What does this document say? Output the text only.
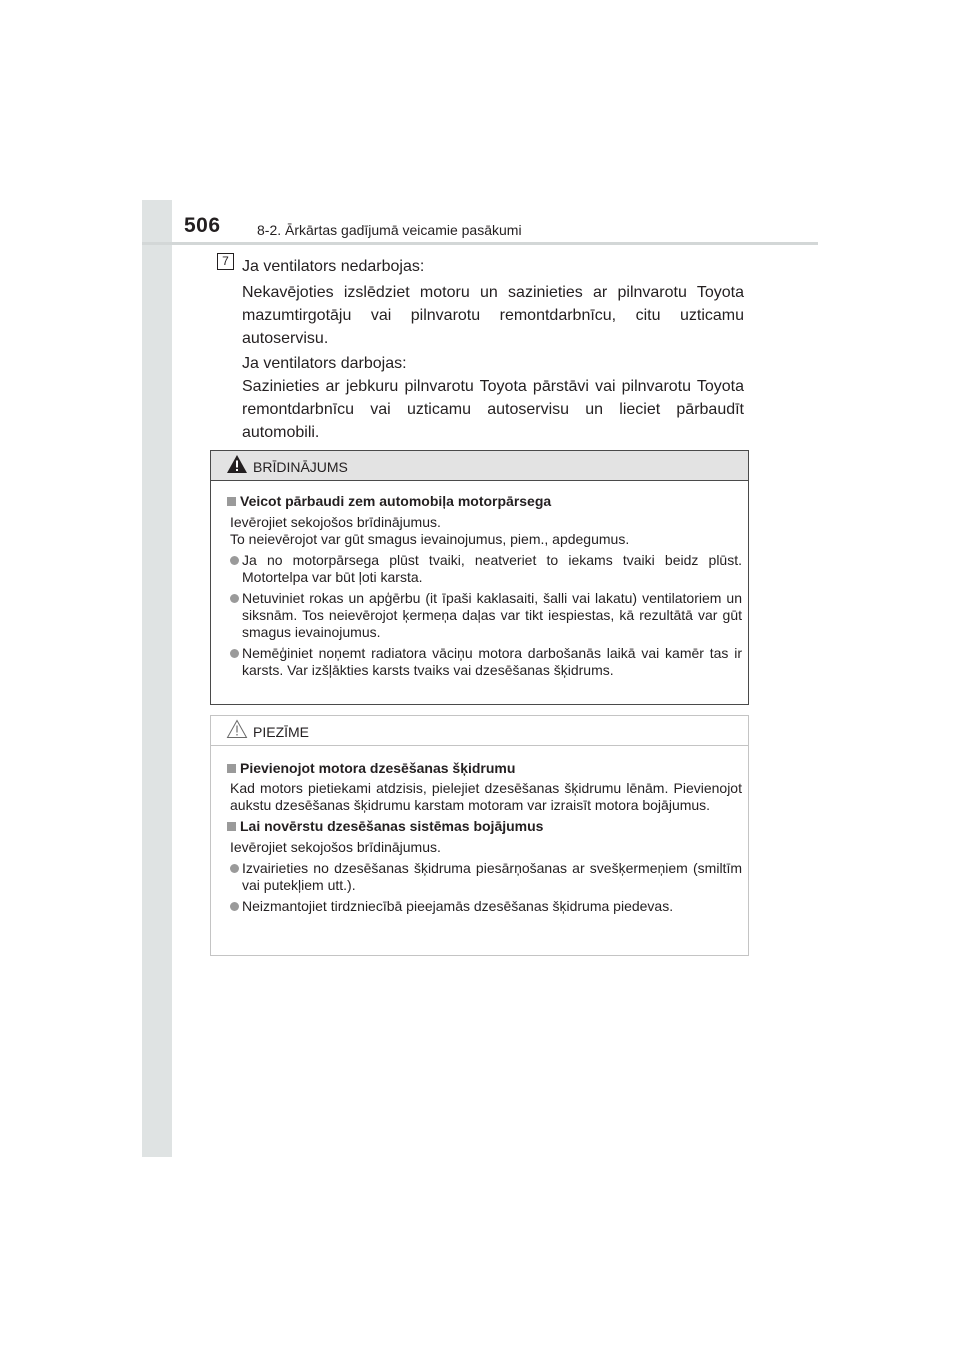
506	8-2. Ārkārtas gadījumā veicamie pasākumi
7 Ja ventilators nedarbojas:
Nekavējoties izslēdziet motoru un sazinieties ar pilnvarotu Toyota mazumtirgotāju vai pilnvarotu remontdarbnīcu, citu uzticamu autoservisu.
Ja ventilators darbojas:
Sazinieties ar jebkuru pilnvarotu Toyota pārstāvi vai pilnvarotu Toyota remontdarbnīcu vai uzticamu autoservisu un lieciet pārbaudīt automobili.
BRĪDINĀJUMS
Veicot pārbaudi zem automobiļa motorpārsega
Ievērojiet sekojošos brīdinājumus.
To neievērojot var gūt smagus ievainojumus, piem., apdegumus.
Ja no motorpārsega plūst tvaiki, neatveriet to iekams tvaiki beidz plūst. Motortelpa var būt ļoti karsta.
Netuviniet rokas un apģērbu (it īpaši kaklasaiti, šalli vai lakatu) ventilatoriem un siksnām. Tos neievērojot ķermeņa daļas var tikt iespiestas, kā rezultātā var gūt smagus ievainojumus.
Nemēģiniet noņemt radiatora vāciņu motora darbošanās laikā vai kamēr tas ir karsts. Var izšļākties karsts tvaiks vai dzesēšanas šķidrums.
PIEZĪME
Pievienojot motora dzesēšanas šķidrumu
Kad motors pietiekami atdzisis, pielejiet dzesēšanas šķidrumu lēnām. Pievienojot aukstu dzesēšanas šķidrumu karstam motoram var izraisīt motora bojājumus.
Lai novērstu dzesēšanas sistēmas bojājumus
Ievērojiet sekojošos brīdinājumus.
Izvairieties no dzesēšanas šķidruma piesārņošanas ar svešķermeņiem (smiltīm vai putekļiem utt.).
Neizmantojiet tirdzniecībā pieejamās dzesēšanas šķidruma piedevas.
